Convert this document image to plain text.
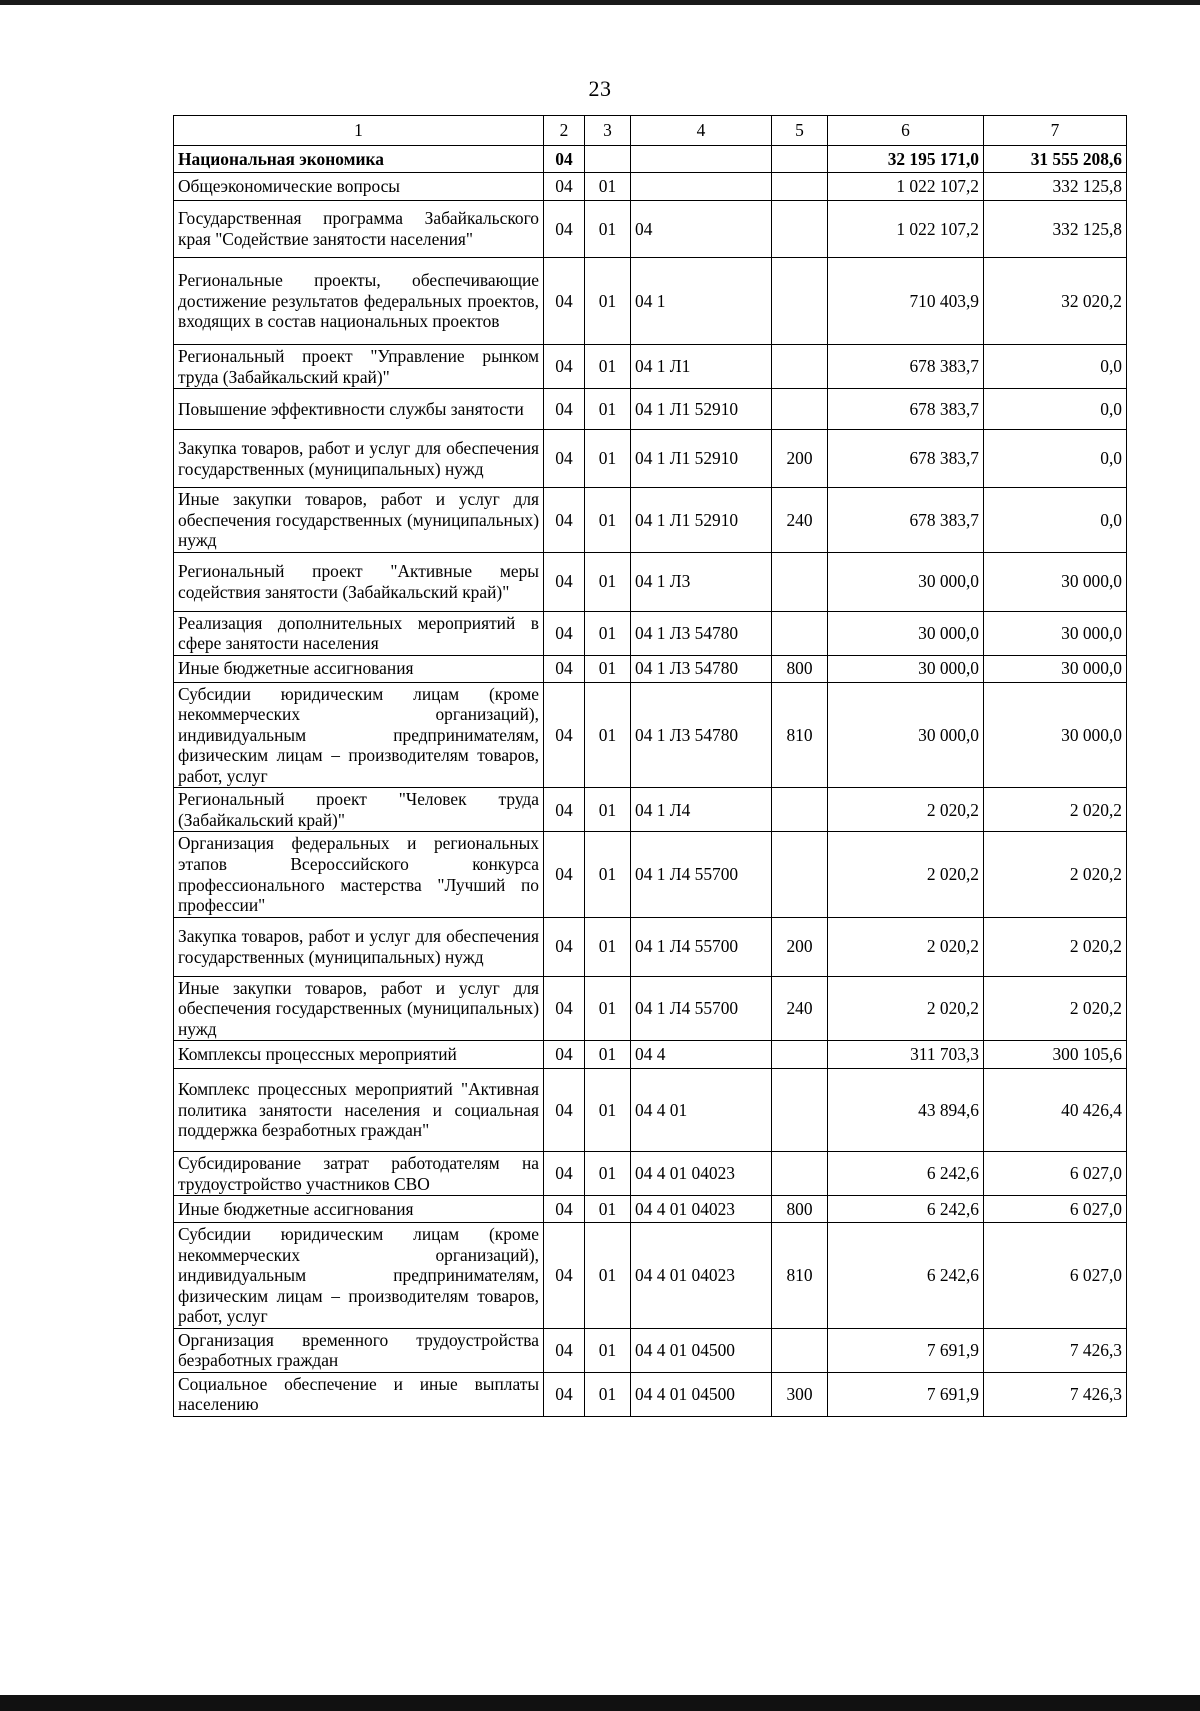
23
1	2	3	4	5	6	7
Национальная экономика	04				32 195 171,0	31 555 208,6
Общеэкономические вопросы	04	01			1 022 107,2	332 125,8
Государственная программа Забайкальского края "Содействие занятости населения"	04	01	04		1 022 107,2	332 125,8
Региональные проекты, обеспечивающие достижение результатов федеральных проектов, входящих в состав национальных проектов	04	01	04 1		710 403,9	32 020,2
Региональный проект "Управление рынком труда (Забайкальский край)"	04	01	04 1 Л1		678 383,7	0,0
Повышение эффективности службы занятости	04	01	04 1 Л1 52910		678 383,7	0,0
Закупка товаров, работ и услуг для обеспечения государственных (муниципальных) нужд	04	01	04 1 Л1 52910	200	678 383,7	0,0
Иные закупки товаров, работ и услуг для обеспечения государственных (муниципальных) нужд	04	01	04 1 Л1 52910	240	678 383,7	0,0
Региональный проект "Активные меры содействия занятости (Забайкальский край)"	04	01	04 1 Л3		30 000,0	30 000,0
Реализация дополнительных мероприятий в сфере занятости населения	04	01	04 1 Л3 54780		30 000,0	30 000,0
Иные бюджетные ассигнования	04	01	04 1 Л3 54780	800	30 000,0	30 000,0
Субсидии юридическим лицам (кроме некоммерческих организаций), индивидуальным предпринимателям, физическим лицам – производителям товаров, работ, услуг	04	01	04 1 Л3 54780	810	30 000,0	30 000,0
Региональный проект "Человек труда (Забайкальский край)"	04	01	04 1 Л4		2 020,2	2 020,2
Организация федеральных и региональных этапов Всероссийского конкурса профессионального мастерства "Лучший по профессии"	04	01	04 1 Л4 55700		2 020,2	2 020,2
Закупка товаров, работ и услуг для обеспечения государственных (муниципальных) нужд	04	01	04 1 Л4 55700	200	2 020,2	2 020,2
Иные закупки товаров, работ и услуг для обеспечения государственных (муниципальных) нужд	04	01	04 1 Л4 55700	240	2 020,2	2 020,2
Комплексы процессных мероприятий	04	01	04 4		311 703,3	300 105,6
Комплекс процессных мероприятий "Активная политика занятости населения и социальная поддержка безработных граждан"	04	01	04 4 01		43 894,6	40 426,4
Субсидирование затрат работодателям на трудоустройство участников СВО	04	01	04 4 01 04023		6 242,6	6 027,0
Иные бюджетные ассигнования	04	01	04 4 01 04023	800	6 242,6	6 027,0
Субсидии юридическим лицам (кроме некоммерческих организаций), индивидуальным предпринимателям, физическим лицам – производителям товаров, работ, услуг	04	01	04 4 01 04023	810	6 242,6	6 027,0
Организация временного трудоустройства безработных граждан	04	01	04 4 01 04500		7 691,9	7 426,3
Социальное обеспечение и иные выплаты населению	04	01	04 4 01 04500	300	7 691,9	7 426,3
